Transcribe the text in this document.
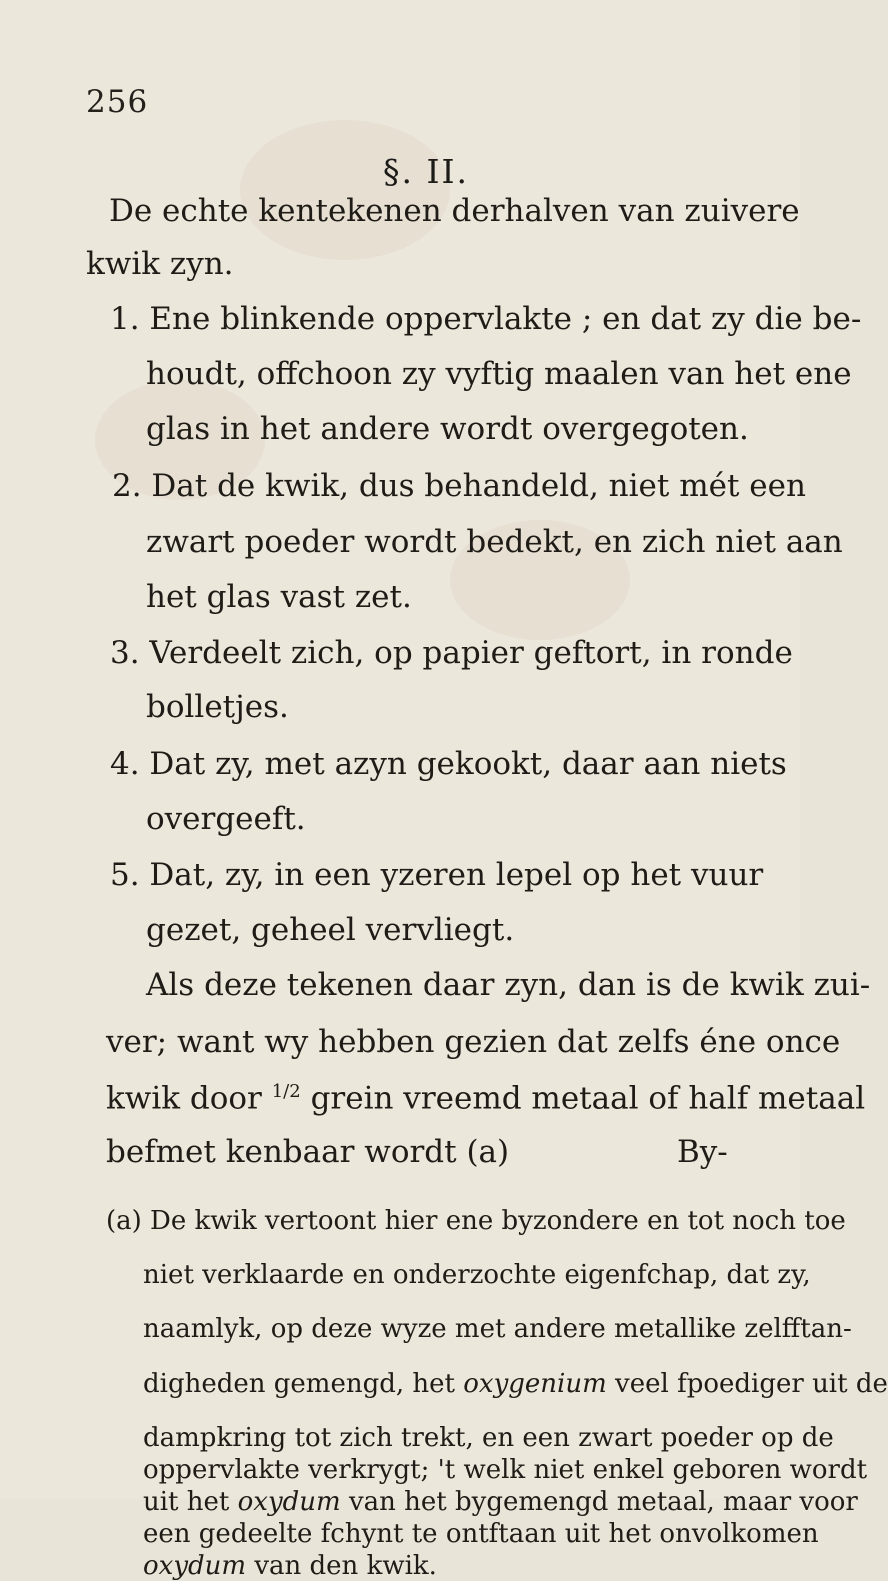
256
§. II.
De echte kentekenen derhalven van zuivere
kwik zyn.
1. Ene blinkende oppervlakte ; en dat zy die be-
houdt, offchoon zy vyftig maalen van het ene
glas in het andere wordt overgegoten.
2. Dat de kwik, dus behandeld, niet mét een
zwart poeder wordt bedekt, en zich niet aan
het glas vast zet.
3. Verdeelt zich, op papier geftort, in ronde
bolletjes.
4. Dat zy, met azyn gekookt, daar aan niets
overgeeft.
5. Dat, zy, in een yzeren lepel op het vuur
gezet, geheel vervliegt.
Als deze tekenen daar zyn, dan is de kwik zui-
ver; want wy hebben gezien dat zelfs éne once
kwik door 1/2 grein vreemd metaal of half metaal
befmet kenbaar wordt (a)	By-
(a) De kwik vertoont hier ene byzondere en tot noch toe
niet verklaarde en onderzochte eigenfchap, dat zy,
naamlyk, op deze wyze met andere metallike zelfftan-
digheden gemengd, het oxygenium veel fpoediger uit de
dampkring tot zich trekt, en een zwart poeder op de
oppervlakte verkrygt; 't welk niet enkel geboren wordt
uit het oxydum van het bygemengd metaal, maar voor
een gedeelte fchynt te ontftaan uit het onvolkomen
oxydum van den kwik.
